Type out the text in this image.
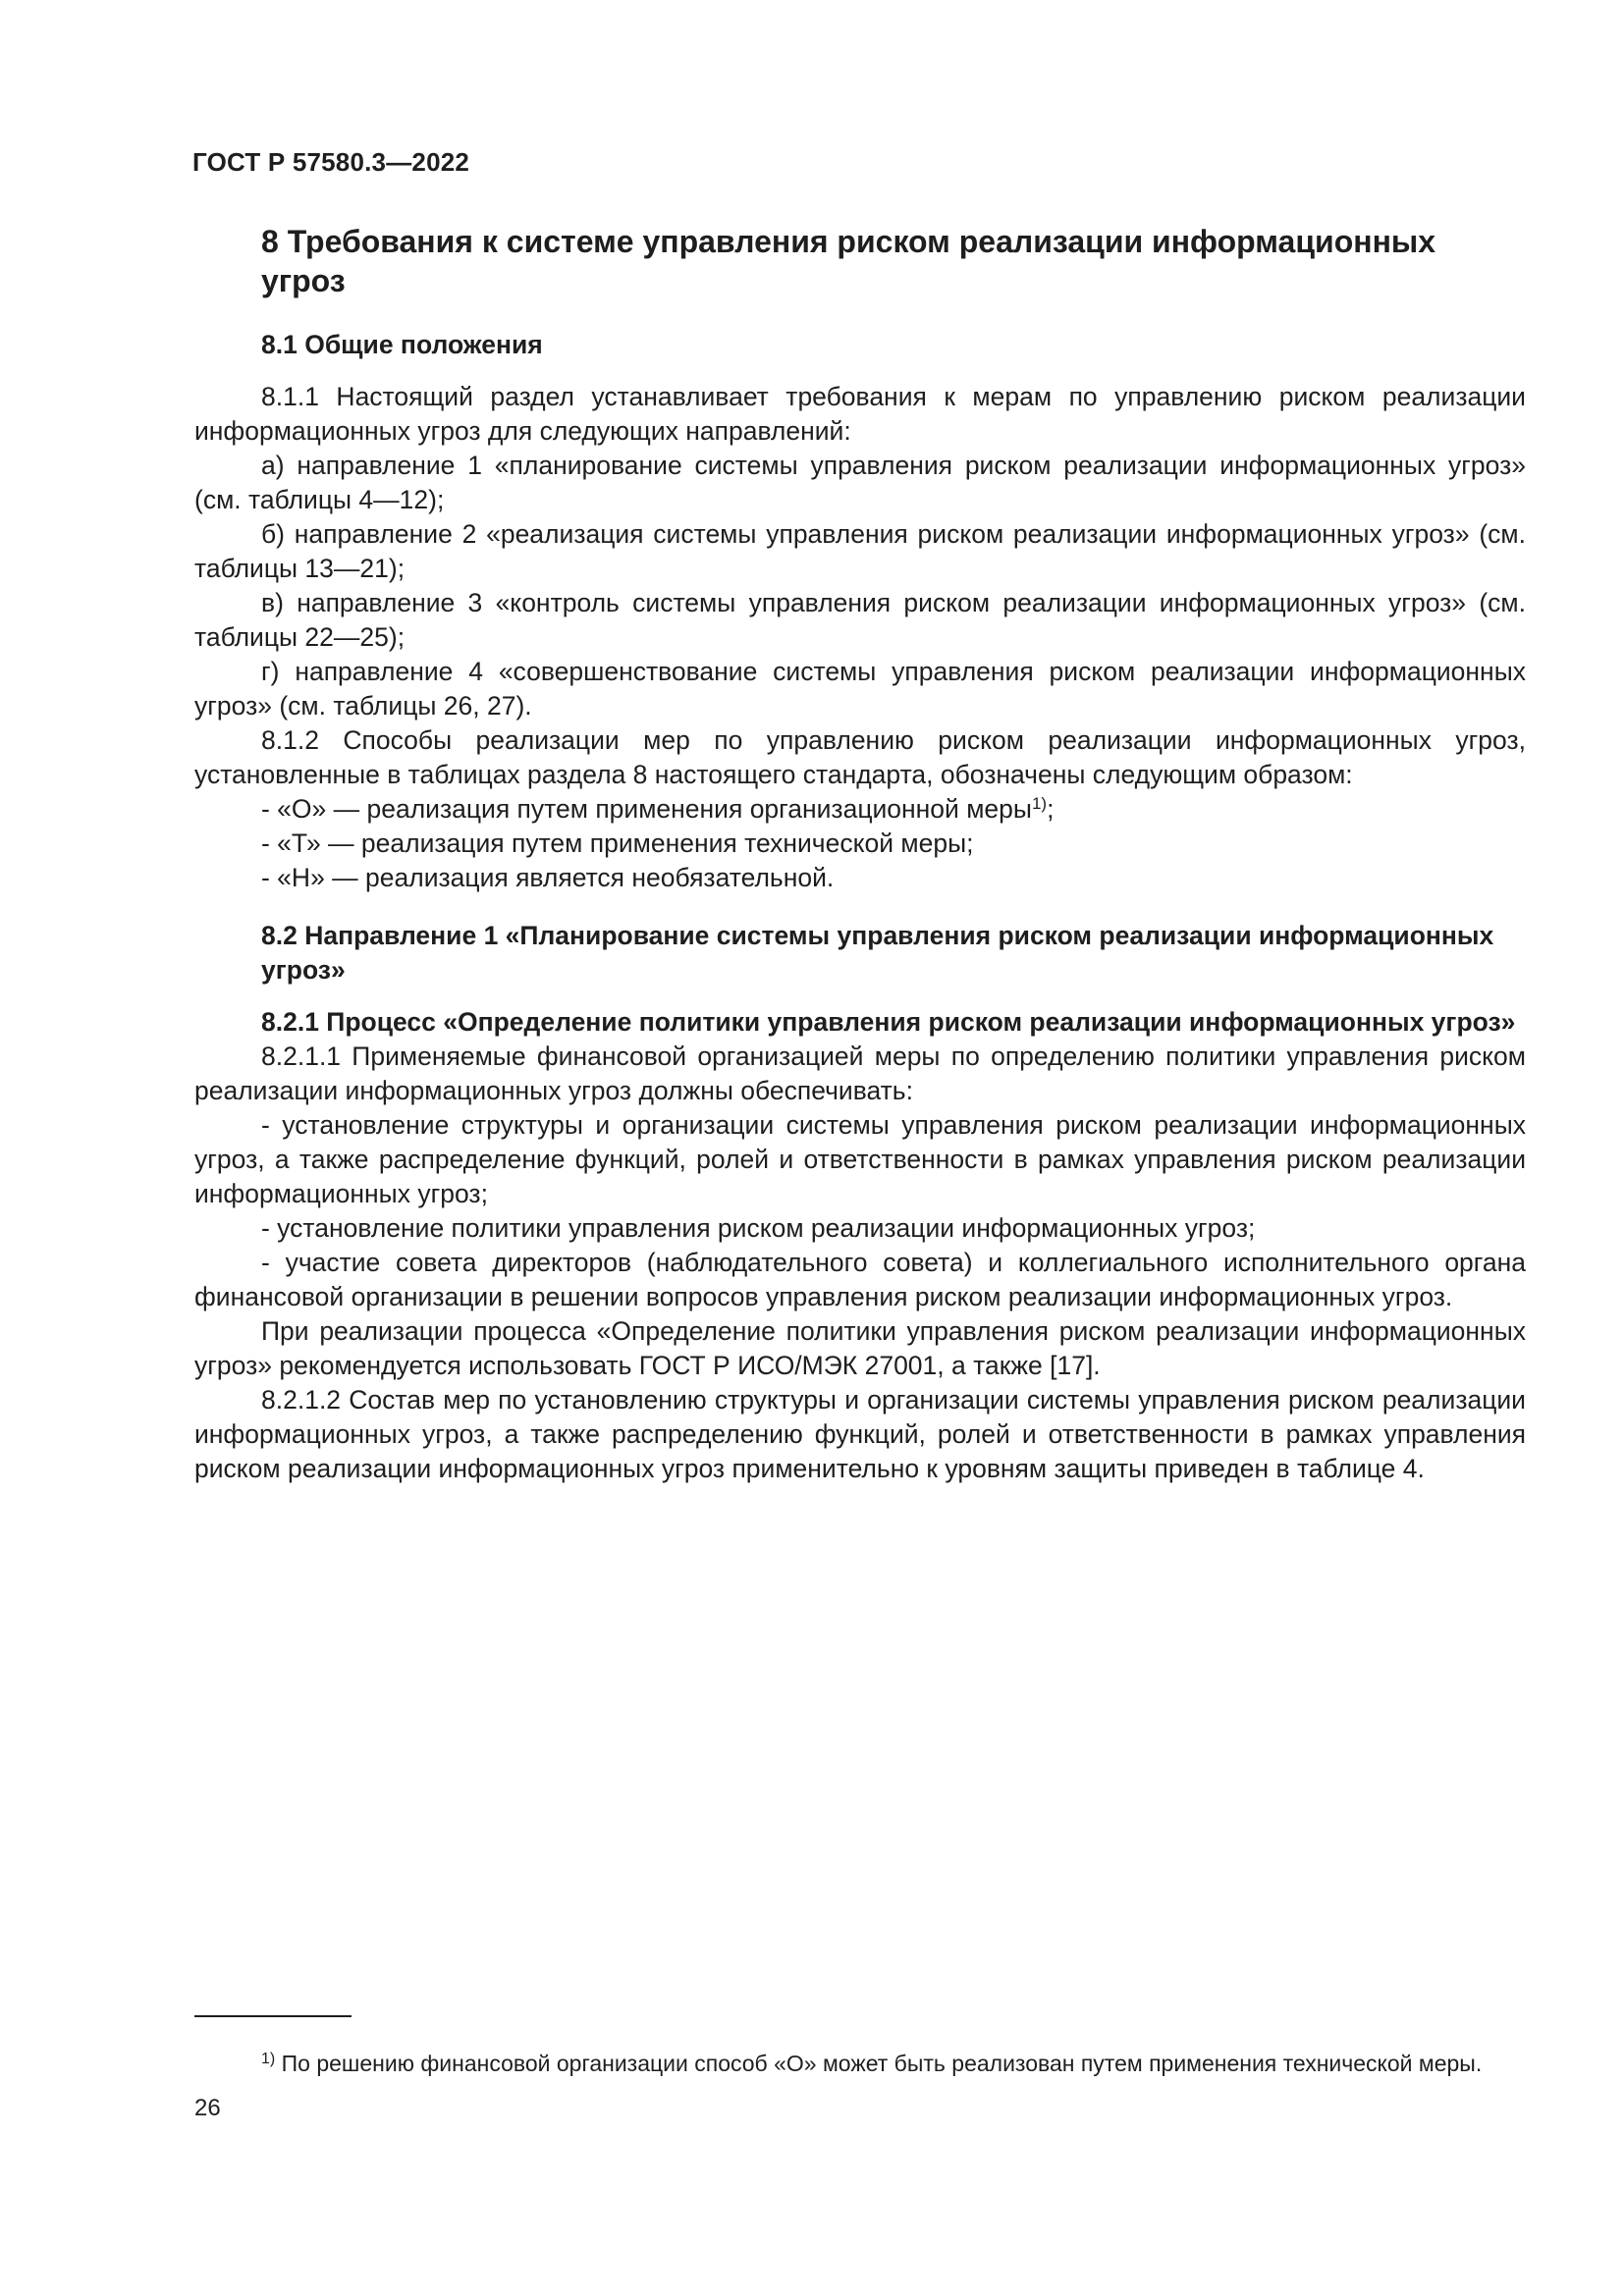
ГОСТ Р 57580.3—2022

8 Требования к системе управления риском реализации информационных угроз

8.1 Общие положения

8.1.1 Настоящий раздел устанавливает требования к мерам по управлению риском реализации информационных угроз для следующих направлений:

а) направление 1 «планирование системы управления риском реализации информационных угроз» (см. таблицы 4—12);

б) направление 2 «реализация системы управления риском реализации информационных угроз» (см. таблицы 13—21);

в) направление 3 «контроль системы управления риском реализации информационных угроз» (см. таблицы 22—25);

г) направление 4 «совершенствование системы управления риском реализации информационных угроз» (см. таблицы 26, 27).

8.1.2 Способы реализации мер по управлению риском реализации информационных угроз, установленные в таблицах раздела 8 настоящего стандарта, обозначены следующим образом:

- «О» — реализация путем применения организационной меры$^{1)}$;

- «Т» — реализация путем применения технической меры;

- «Н» — реализация является необязательной.

8.2 Направление 1 «Планирование системы управления риском реализации информационных угроз»

8.2.1 Процесс «Определение политики управления риском реализации информационных угроз»

8.2.1.1 Применяемые финансовой организацией меры по определению политики управления риском реализации информационных угроз должны обеспечивать:

- установление структуры и организации системы управления риском реализации информационных угроз, а также распределение функций, ролей и ответственности в рамках управления риском реализации информационных угроз;

- установление политики управления риском реализации информационных угроз;

- участие совета директоров (наблюдательного совета) и коллегиального исполнительного органа финансовой организации в решении вопросов управления риском реализации информационных угроз.

При реализации процесса «Определение политики управления риском реализации информационных угроз» рекомендуется использовать ГОСТ Р ИСО/МЭК 27001, а также [17].

8.2.1.2 Состав мер по установлению структуры и организации системы управления риском реализации информационных угроз, а также распределению функций, ролей и ответственности в рамках управления риском реализации информационных угроз применительно к уровням защиты приведен в таблице 4.

$^{1)}$ По решению финансовой организации способ «О» может быть реализован путем применения технической меры.

26
